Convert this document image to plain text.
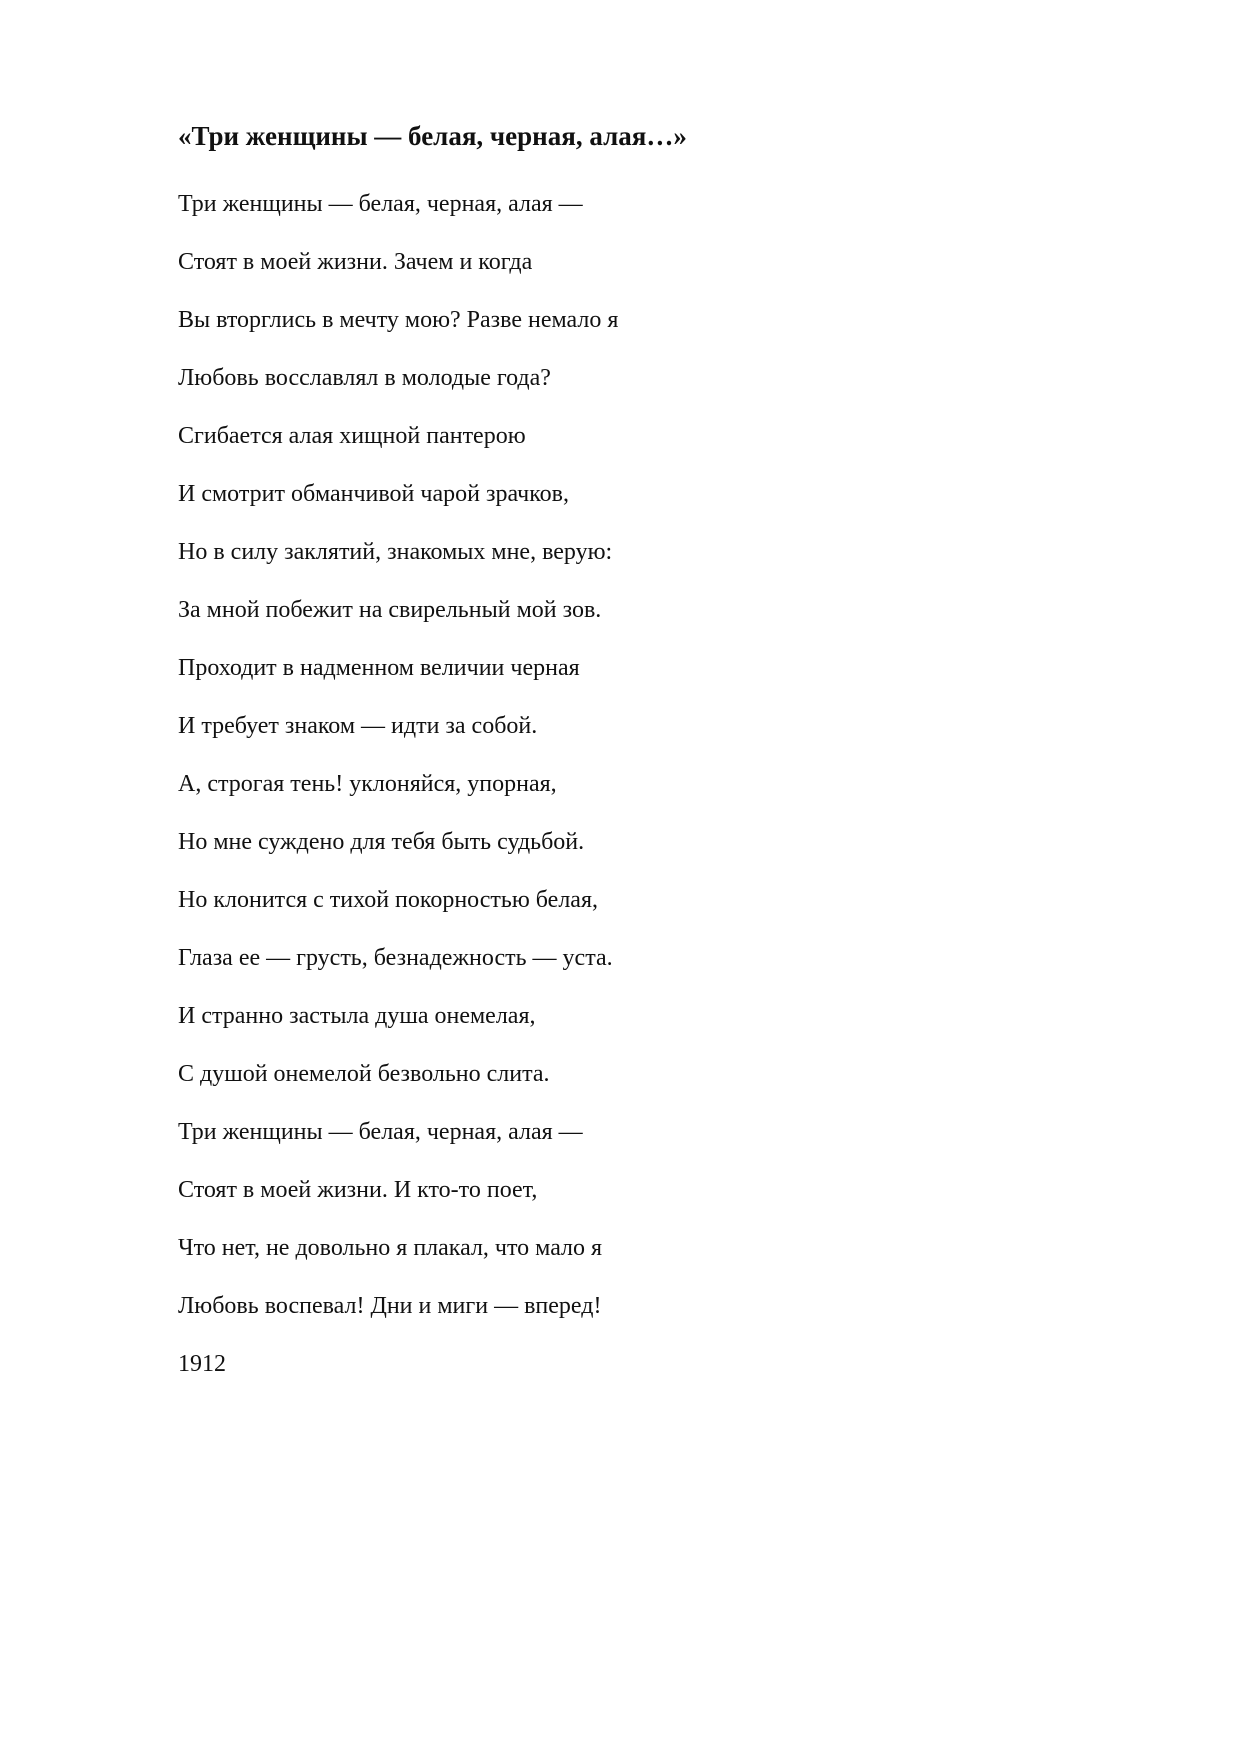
«Три женщины — белая, черная, алая…»
Три женщины — белая, черная, алая —
Стоят в моей жизни. Зачем и когда
Вы вторглись в мечту мою? Разве немало я
Любовь восславлял в молодые года?
Сгибается алая хищной пантерою
И смотрит обманчивой чарой зрачков,
Но в силу заклятий, знакомых мне, верую:
За мной побежит на свирельный мой зов.
Проходит в надменном величии черная
И требует знаком — идти за собой.
А, строгая тень! уклоняйся, упорная,
Но мне суждено для тебя быть судьбой.
Но клонится с тихой покорностью белая,
Глаза ее — грусть, безнадежность — уста.
И странно застыла душа онемелая,
С душой онемелой безвольно слита.
Три женщины — белая, черная, алая —
Стоят в моей жизни. И кто-то поет,
Что нет, не довольно я плакал, что мало я
Любовь воспевал! Дни и миги — вперед!

1912
